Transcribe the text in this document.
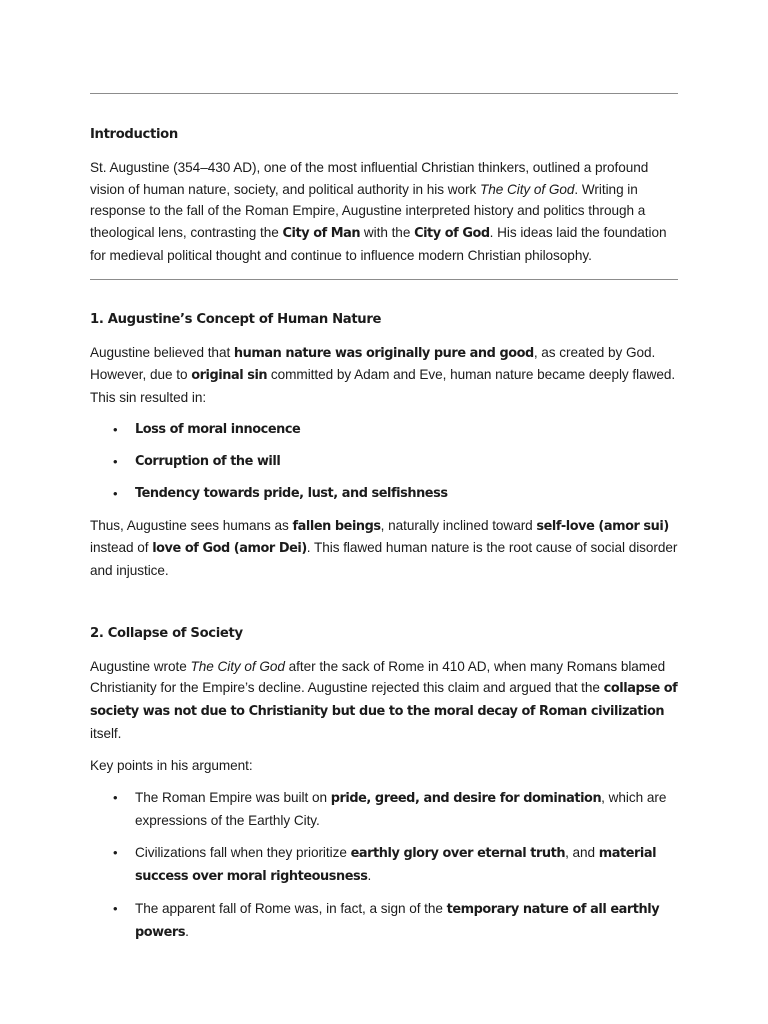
Introduction

St. Augustine (354–430 AD), one of the most influential Christian thinkers, outlined a profound vision of human nature, society, and political authority in his work The City of God. Writing in response to the fall of the Roman Empire, Augustine interpreted history and politics through a theological lens, contrasting the City of Man with the City of God. His ideas laid the foundation for medieval political thought and continue to influence modern Christian philosophy.

1. Augustine’s Concept of Human Nature

Augustine believed that human nature was originally pure and good, as created by God. However, due to original sin committed by Adam and Eve, human nature became deeply flawed. This sin resulted in:

• Loss of moral innocence
• Corruption of the will
• Tendency towards pride, lust, and selfishness

Thus, Augustine sees humans as fallen beings, naturally inclined toward self-love (amor sui) instead of love of God (amor Dei). This flawed human nature is the root cause of social disorder and injustice.

2. Collapse of Society

Augustine wrote The City of God after the sack of Rome in 410 AD, when many Romans blamed Christianity for the Empire’s decline. Augustine rejected this claim and argued that the collapse of society was not due to Christianity but due to the moral decay of Roman civilization itself.

Key points in his argument:

• The Roman Empire was built on pride, greed, and desire for domination, which are expressions of the Earthly City.
• Civilizations fall when they prioritize earthly glory over eternal truth, and material success over moral righteousness.
• The apparent fall of Rome was, in fact, a sign of the temporary nature of all earthly powers.
